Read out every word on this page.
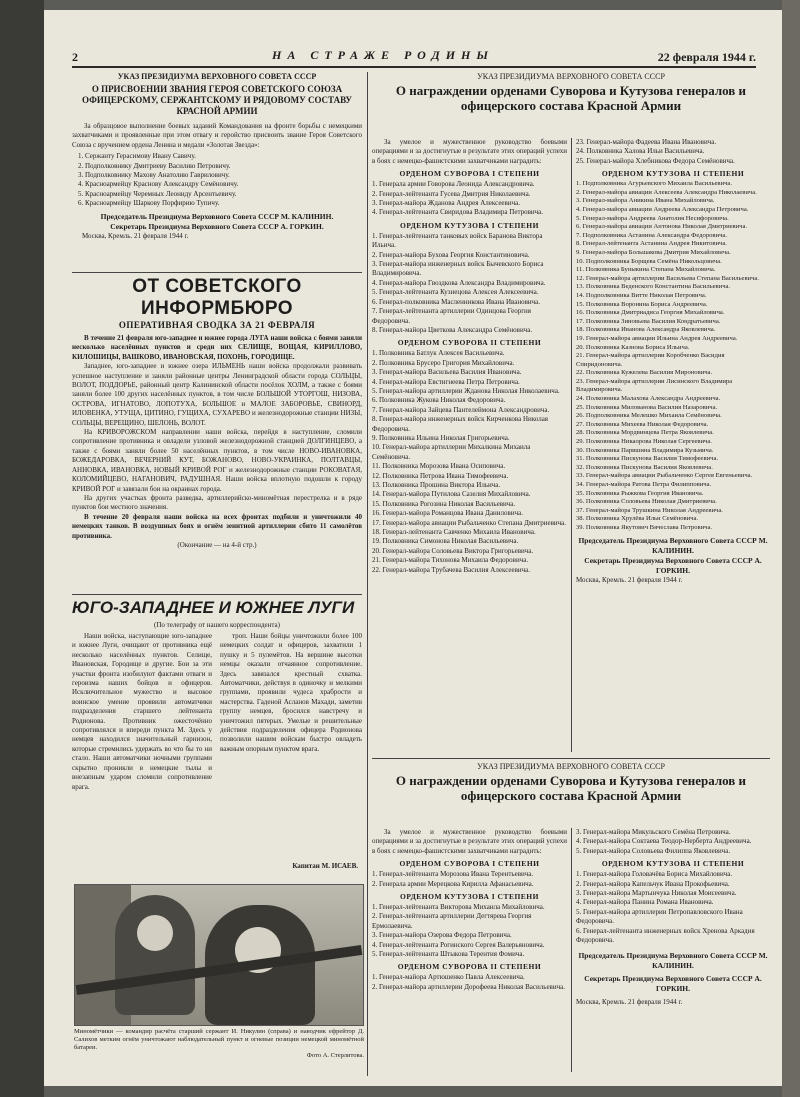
2	НА СТРАЖЕ РОДИНЫ	22 февраля 1944 г.

УКАЗ ПРЕЗИДИУМА ВЕРХОВНОГО СОВЕТА СССР

О ПРИСВОЕНИИ ЗВАНИЯ ГЕРОЯ СОВЕТСКОГО СОЮЗА ОФИЦЕРСКОМУ, СЕРЖАНТСКОМУ И РЯДОВОМУ СОСТАВУ КРАСНОЙ АРМИИ

За образцовое выполнение боевых заданий Командования на фронте борьбы с немецкими захватчиками и проявленные при этом отвагу и геройство присвоить звание Героя Советского Союза с вручением ордена Ленина и медали «Золотая Звезда»:

1. Сержанту Герасимову Ивану Савичу.
2. Подполковнику Дмитриеву Василию Петровичу.
3. Подполковнику Махову Анатолию Гавриловичу.
4. Красноармейцу Краснову Александру Семёновичу.
5. Красноармейцу Черемных Леониду Арсентьевичу.
6. Красноармейцу Шаркову Порфирию Тупичу.

Председатель Президиума Верховного Совета СССР М. КАЛИНИН.

Секретарь Президиума Верховного Совета СССР А. ГОРКИН.

Москва, Кремль. 21 февраля 1944 г.

ОТ СОВЕТСКОГО ИНФОРМБЮРО

ОПЕРАТИВНАЯ СВОДКА ЗА 21 ФЕВРАЛЯ

В течение 21 февраля юго-западнее и южнее города ЛУГА наши войска с боями заняли несколько населённых пунктов и среди них СЕЛИЩЕ, ВОЩАЯ, КИРИЛЛОВО, КИЛОШИЦЫ, ВАШКОВО, ИВАНОВСКАЯ, ПОХОНЬ, ГОРОДИЩЕ.

Западнее, юго-западнее и южнее озера ИЛЬМЕНЬ наши войска продолжали развивать успешное наступление и заняли районные центры Ленинградской области города СОЛЬЦЫ, ВОЛОТ, ПОДДОРЬЕ, районный центр Калининской области посёлок ХОЛМ, а также с боями заняли более 100 других населённых пунктов, в том числе БОЛЬШОЙ УТОРГОШ, НИЗОВА, ОСТРОВА, ИГНАТОВО, ЛОПОТУХА, БОЛЬШОЕ и МАЛОЕ ЗАБОРОВЬЕ, СВИНОРД, ИЛОВЕНКА, УТУЩА, ЦИТИНО, ГУЩИХА, СУХАРЕВО и железнодорожные станции НИЗЫ, СОЛЬЦЫ, ВЕРЕЩИНО, ШЕЛОНЬ, ВОЛОТ.

На КРИВОРОЖСКОМ направлении наши войска, перейдя в наступление, сломили сопротивление противника и овладели узловой железнодорожной станцией ДОЛГИНЦЕВО, а также с боями заняли более 50 населённых пунктов, в том числе НОВО-ИВАНОВКА, БОЖЕДАРОВКА, ВЕЧЕРНИЙ КУТ, БОЖАНОВО, НОВО-УКРАИНКА, ПОЛТАВЦЫ, АННОВКА, ИВАНОВКА, НОВЫЙ КРИВОЙ РОГ и железнодорожные станции РОКОВАТАЯ, КОЛОМИЙЦЕВО, НАГАНОВИЧ, РАДУШНАЯ. Наши войска вплотную подошли к городу КРИВОЙ РОГ и завязали бои на окраинах города.

На других участках фронта разведка, артиллерийско-миномётная перестрелка и в ряде пунктов бои местного значения.

В течение 20 февраля наши войска на всех фронтах подбили и уничтожили 40 немецких танков. В воздушных боях и огнём зенитной артиллерии сбито 11 самолётов противника.

(Окончание — на 4-й стр.)

ЮГО-ЗАПАДНЕЕ И ЮЖНЕЕ ЛУГИ

(По телеграфу от нашего корреспондента)

Наши войска, наступающие юго-западнее и южнее Луги, очищают от противника ещё несколько населённых пунктов. Селище, Ивановская, Городище и другие. Бои за эти участки фронта изобилуют фактами отваги и героизма наших бойцов и офицеров. Исключительное мужество и высокое воинское умение проявили автоматчики подразделения старшего лейтенанта Родионова. Противник ожесточённо сопротивлялся и впереди пункта М. Здесь у немцев находился значительный гарнизон, которые стремились удержать во что бы то ни стало. Наши автоматчики ночными группами скрытно проникли в немецкие тылы и внезапным ударом сломили сопротивление врага.

троп. Наши бойцы уничтожили более 100 немецких солдат и офицеров, захватили 1 пушку и 5 пулемётов. На вершине высотки немцы оказали отчаянное сопротивление. Здесь завязался крестный схватка. Автоматчики, действуя в одиночку и мелкими группами, проявили чудеса храбрости и мастерства. Гаденой Асланов Махади, заметив группу немцев, бросился навстречу и уничтожил пятерых. Умелые и решительные действия подразделения офицера Родионова позволили нашим войскам быстро овладеть важным опорным пунктом врага.

Капитан М. ИСАЕВ.

Миномётчики — командир расчёта старший сержант И. Никулин (справа) и наводчик ефрейтор Д. Салихов метким огнём уничтожают наблюдательный пункт и огневые позиции немецкой миномётной батареи.

Фото А. Стерлитова.

УКАЗ ПРЕЗИДИУМА ВЕРХОВНОГО СОВЕТА СССР

О награждении орденами Суворова и Кутузова генералов и офицерского состава Красной Армии

За умелое и мужественное руководство боевыми операциями и за достигнутые в результате этих операций успехи в боях с немецко-фашистскими захватчиками наградить:

ОРДЕНОМ СУВОРОВА I СТЕПЕНИ

1. Генерала армии Говорова Леонида Александровича.
2. Генерал-лейтенанта Гусева Дмитрия Николаевича.
3. Генерал-майора Жданова Андрея Алексеевича.
4. Генерал-лейтенанта Свиридова Владимира Петровича.

ОРДЕНОМ КУТУЗОВА I СТЕПЕНИ

1. Генерал-лейтенанта танковых войск Баранова Виктора Ильича.
2. Генерал-майора Бухова Георгия Константиновича.
3. Генерал-майора инженерных войск Бычевского Бориса Владимировича.
4. Генерал-майора Гвоздкова Александра Владимировича.
5. Генерал-лейтенанта Кузнецова Алексея Алексеевича.
6. Генерал-полковника Масленникова Ивана Ивановича.
7. Генерал-лейтенанта артиллерии Одинцова Георгия Федоровича.
8. Генерал-майора Цветкова Александра Семёновича.

ОРДЕНОМ СУВОРОВА II СТЕПЕНИ

1. Полковника Батлук Алексея Васильевича.
2. Полковника Брусеро Григория Михайловича.
3. Генерал-майора Васильева Василия Ивановича.
4. Генерал-майора Евстигнеева Петра Петровича.
5. Генерал-майора артиллерии Жданова Николая Николаевича.
6. Полковника Жукова Николая Федоровича.
7. Генерал-майора Зайцева Пантелеймона Александровича.
8. Генерал-майора инженерных войск Кирченкова Николая Федоровича.
9. Полковника Ильина Николая Григорьевича.
10. Генерал-майора артиллерии Михалкина Михаила Семёновича.
11. Полковника Морозова Ивана Осиповича.
12. Полковника Петрова Ивана Тимофеевича.
13. Полковника Прошина Виктора Ильича.
14. Генерал-майора Путилова Сазелия Михайловича.
15. Полковника Рогозина Николая Васильевича.
16. Генерал-майора Романцова Ивана Даниловича.
17. Генерал-майора авиации Рыбальченко Степана Дмитриевича.
18. Генерал-лейтенанта Савченко Михаила Ивановича.
19. Полковника Симонова Николая Васильевича.
20. Генерал-майора Соловьева Виктора Григорьевича.
21. Генерал-майора Тихонова Михаила Федоровича.
22. Генерал-майора Трубачева Василия Алексеевича.
23. Генерал-майора Фадеева Ивана Ивановича.
24. Полковника Халова Ильи Васильевича.
25. Генерал-майора Хлебникова Федора Семёновича.

ОРДЕНОМ КУТУЗОВА II СТЕПЕНИ

1. Подполковника Агурьевского Михаила Васильевича.
2. Генерал-майора авиации Алексеева Александра Николаевича.
3. Генерал-майора Аникина Ивана Михайловича.
4. Генерал-майора авиации Андреева Александра Петровича.
5. Генерал-майора Андреева Анатолия Несифоровича.
6. Генерал-майора авиации Антонова Николая Дмитриевича.
7. Подполковника Астанина Александра Федоровича.
8. Генерал-лейтенанта Астанина Андрея Никитовича.
9. Генерал-майора Большакова Дмитрия Михайловича.
10. Подполковника Борщева Семёна Никольцовича.
11. Полковника Буныкина Степана Михайловича.
12. Генерал-майора артиллерии Васильева Степана Васильевича.
13. Полковника Веденского Константина Васильевича.
14. Подполковника Витте Николая Петровича.
15. Полковника Воронина Бориса Андреевича.
16. Полковника Дмитриадиса Георгия Михайловича.
17. Полковника Зиновьева Василия Кондратьевича.
18. Полковника Иванова Александра Яковлевича.
19. Генерал-майора авиации Ильина Андрея Андреевича.
20. Полковника Казнова Бориса Ильича.
21. Генерал-майора артиллерии Коробченко Васидия Спиридоновича.
22. Полковника Кужелева Василия Мироновича.
23. Генерал-майора артиллерии Лисинского Владимира Владимировича.
24. Полковника Малахова Александра Андреевича.
25. Полковника Милованова Василия Назаровича.
26. Подполковника Мелешко Михаила Семёновича.
27. Полковника Михеева Николая Федоровича.
28. Полковника Мордвинцева Петра Яковлевича.
29. Полковника Никаорова Николая Сергеевича.
30. Полковника Парвшина Владимира Кузьмича.
31. Полковника Пискунова Василия Тимофеевича.
32. Полковника Пискунова Василия Яковлевича.
33. Генерал-майора авиации Рыбальченко Сергея Евгеньевича.
34. Генерал-майора Ратова Петра Филипповича.
35. Полковника Рыжкова Георгия Ивановича.
36. Полковника Соловьева Николая Дмитриевича.
37. Генерал-майора Трушкина Николая Андреевича.
38. Полковника Хрулёва Ильи Семёновича.
39. Полковника Якутович Вячеслава Петровича.

Председатель Президиума Верховного Совета СССР М. КАЛИНИН.

Секретарь Президиума Верховного Совета СССР А. ГОРКИН.

Москва, Кремль. 21 февраля 1944 г.

УКАЗ ПРЕЗИДИУМА ВЕРХОВНОГО СОВЕТА СССР

О награждении орденами Суворова и Кутузова генералов и офицерского состава Красной Армии

За умелое и мужественное руководство боевыми операциями и за достигнутые в результате этих операций успехи в боях с немецко-фашистскими захватчиками наградить:

ОРДЕНОМ СУВОРОВА I СТЕПЕНИ

1. Генерал-лейтенанта Морозова Ивана Терентьевича.
2. Генерала армии Мерецкова Кирилла Афанасьевича.

ОРДЕНОМ КУТУЗОВА I СТЕПЕНИ

1. Генерал-лейтенанта Викторова Михаила Михайловича.
2. Генерал-лейтенанта артиллерии Дегтярева Георгия Ермолаевича.
3. Генерал-майора Озерова Федора Петровича.
4. Генерал-лейтенанта Рогинского Сергея Валерьяновича.
5. Генерал-лейтенанта Штыкова Терентия Фомича.

ОРДЕНОМ СУВОРОВА II СТЕПЕНИ

1. Генерал-майора Артюшенко Павла Алексеевича.
2. Генерал-майора артиллерии Дорофеева Николая Васильевича.
3. Генерал-майора Микульского Семёна Петровича.
4. Генерал-майора Соктаева Теодор-Нерберта Андреевича.
5. Генерал-майора Соловьева Филиппа Яковлевича.

ОРДЕНОМ КУТУЗОВА II СТЕПЕНИ

1. Генерал-майора Головачёва Бориса Михайловича.
2. Генерал-майора Капельчук Ивана Прокофьевича.
3. Генерал-майора Мартынчука Николая Моисеевича.
4. Генерал-майора Панина Романа Ивановича.
5. Генерал-майора артиллерии Петропавловского Ивана Федоровича.
6. Генерал-лейтенанта инженерных войск Хренова Аркадия Федоровича.

Председатель Президиума Верховного Совета СССР М. КАЛИНИН.

Секретарь Президиума Верховного Совета СССР А. ГОРКИН.

Москва, Кремль. 21 февраля 1944 г.
